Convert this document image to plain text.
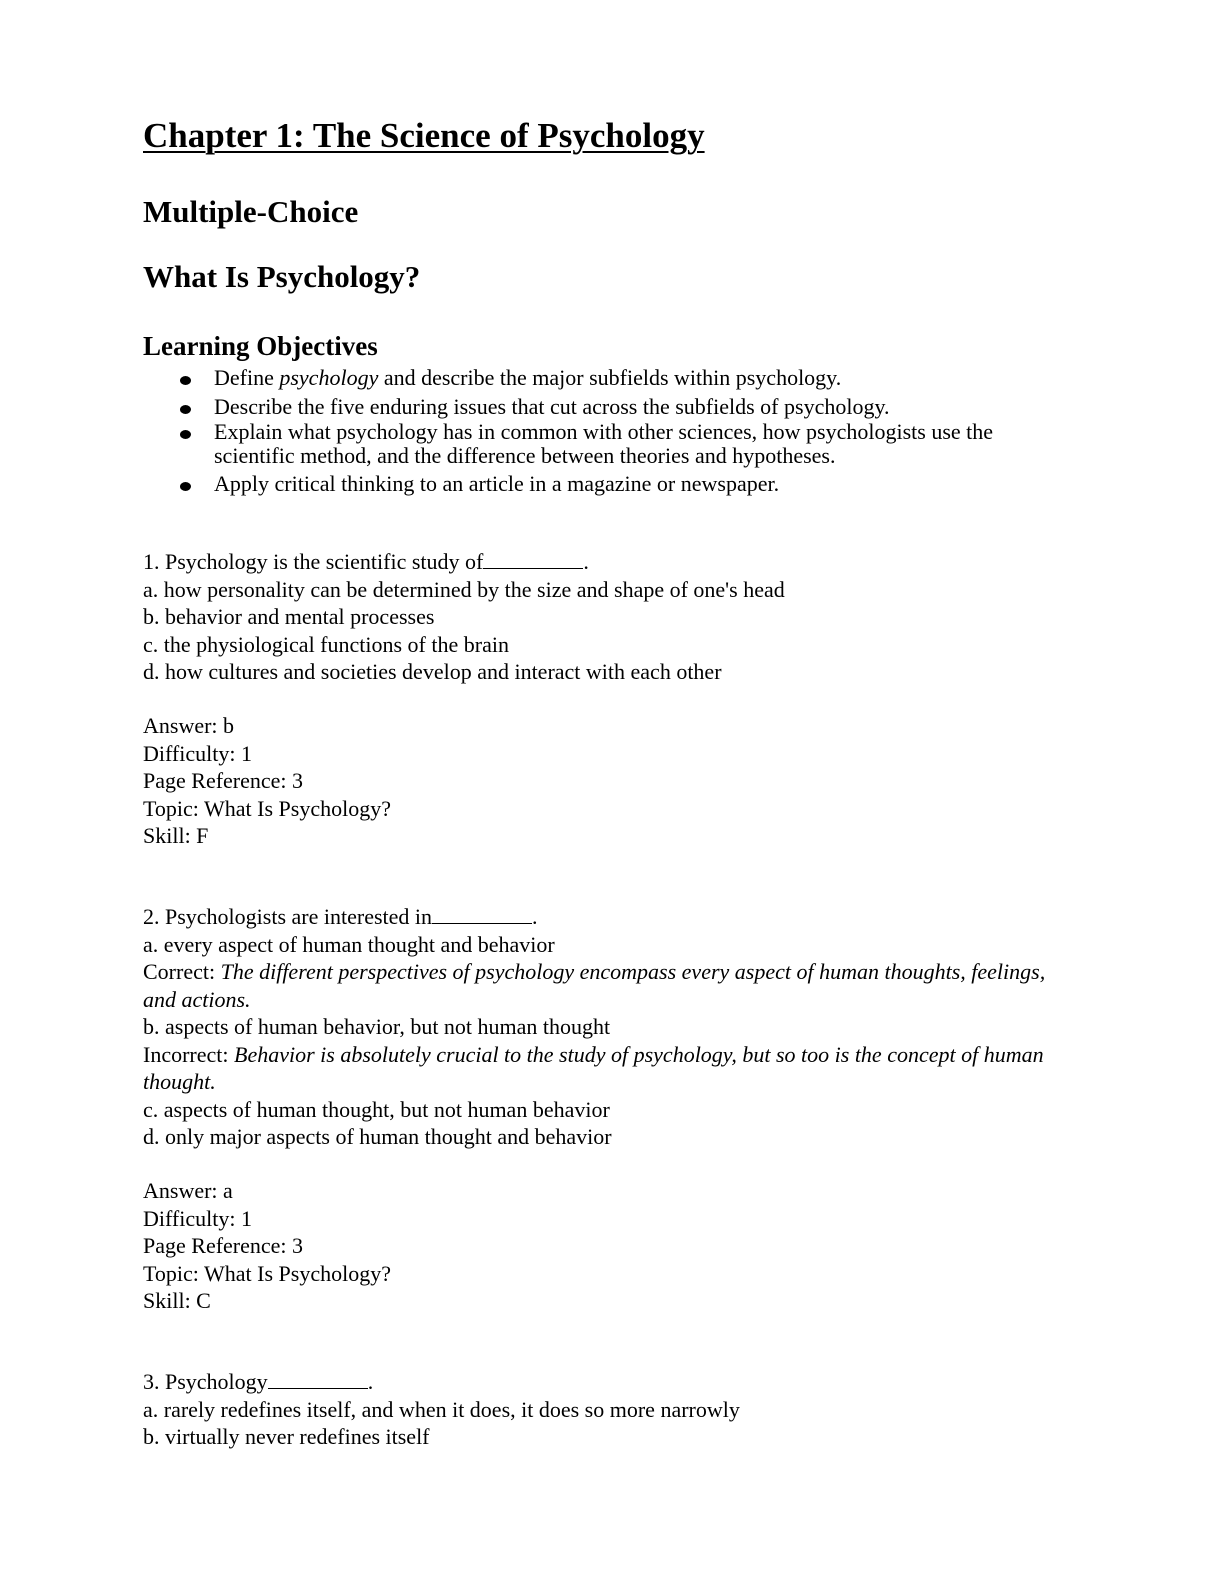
Chapter 1: The Science of Psychology
Multiple-Choice
What Is Psychology?
Learning Objectives
Define psychology and describe the major subfields within psychology.
Describe the five enduring issues that cut across the subfields of psychology.
Explain what psychology has in common with other sciences, how psychologists use the scientific method, and the difference between theories and hypotheses.
Apply critical thinking to an article in a magazine or newspaper.
1. Psychology is the scientific study of	.
a. how personality can be determined by the size and shape of one's head
b. behavior and mental processes
c. the physiological functions of the brain
d. how cultures and societies develop and interact with each other
Answer: b
Difficulty: 1
Page Reference: 3
Topic: What Is Psychology?
Skill: F
2. Psychologists are interested in	.
a. every aspect of human thought and behavior
Correct: The different perspectives of psychology encompass every aspect of human thoughts, feelings, and actions.
b. aspects of human behavior, but not human thought
Incorrect: Behavior is absolutely crucial to the study of psychology, but so too is the concept of human thought.
c. aspects of human thought, but not human behavior
d. only major aspects of human thought and behavior
Answer: a
Difficulty: 1
Page Reference: 3
Topic: What Is Psychology?
Skill: C
3. Psychology	.
a. rarely redefines itself, and when it does, it does so more narrowly
b. virtually never redefines itself
